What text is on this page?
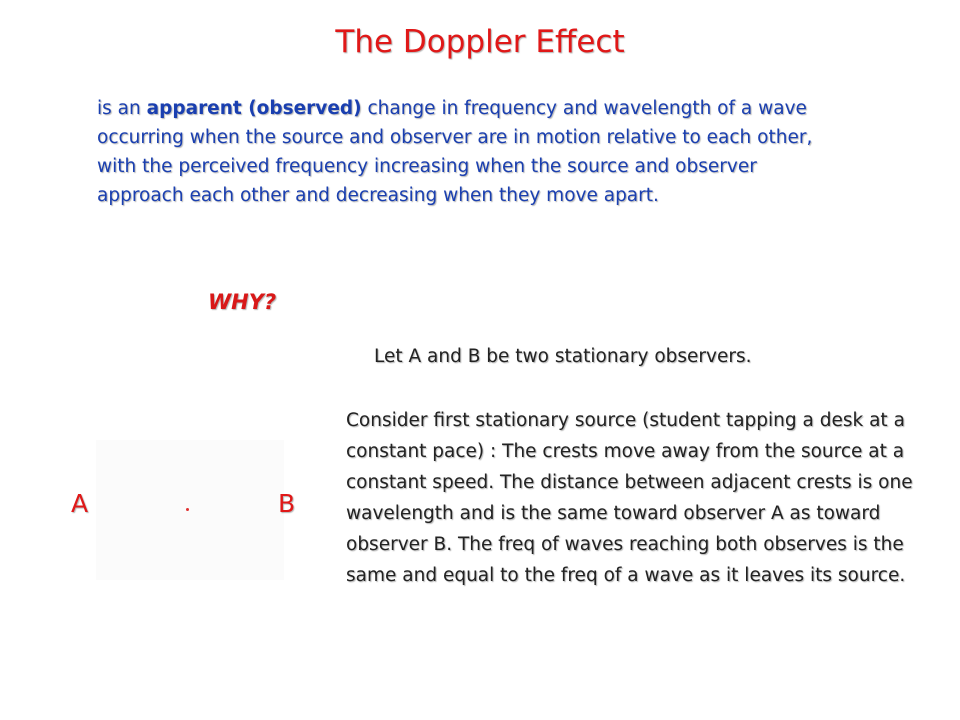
The Doppler Effect

is an apparent (observed) change in frequency and wavelength of a wave occurring when the source and observer are in motion relative to each other, with the perceived frequency increasing when the source and observer approach each other and decreasing when they move apart.

WHY?

Let A and B be two stationary observers.

Consider first stationary source (student tapping a desk at a constant pace) : The crests move away from the source at a constant speed. The distance between adjacent crests is one wavelength and is the same toward observer A as toward observer B. The freq of waves reaching both observes is the same and equal to the freq of a wave as it leaves its source.

A	B
